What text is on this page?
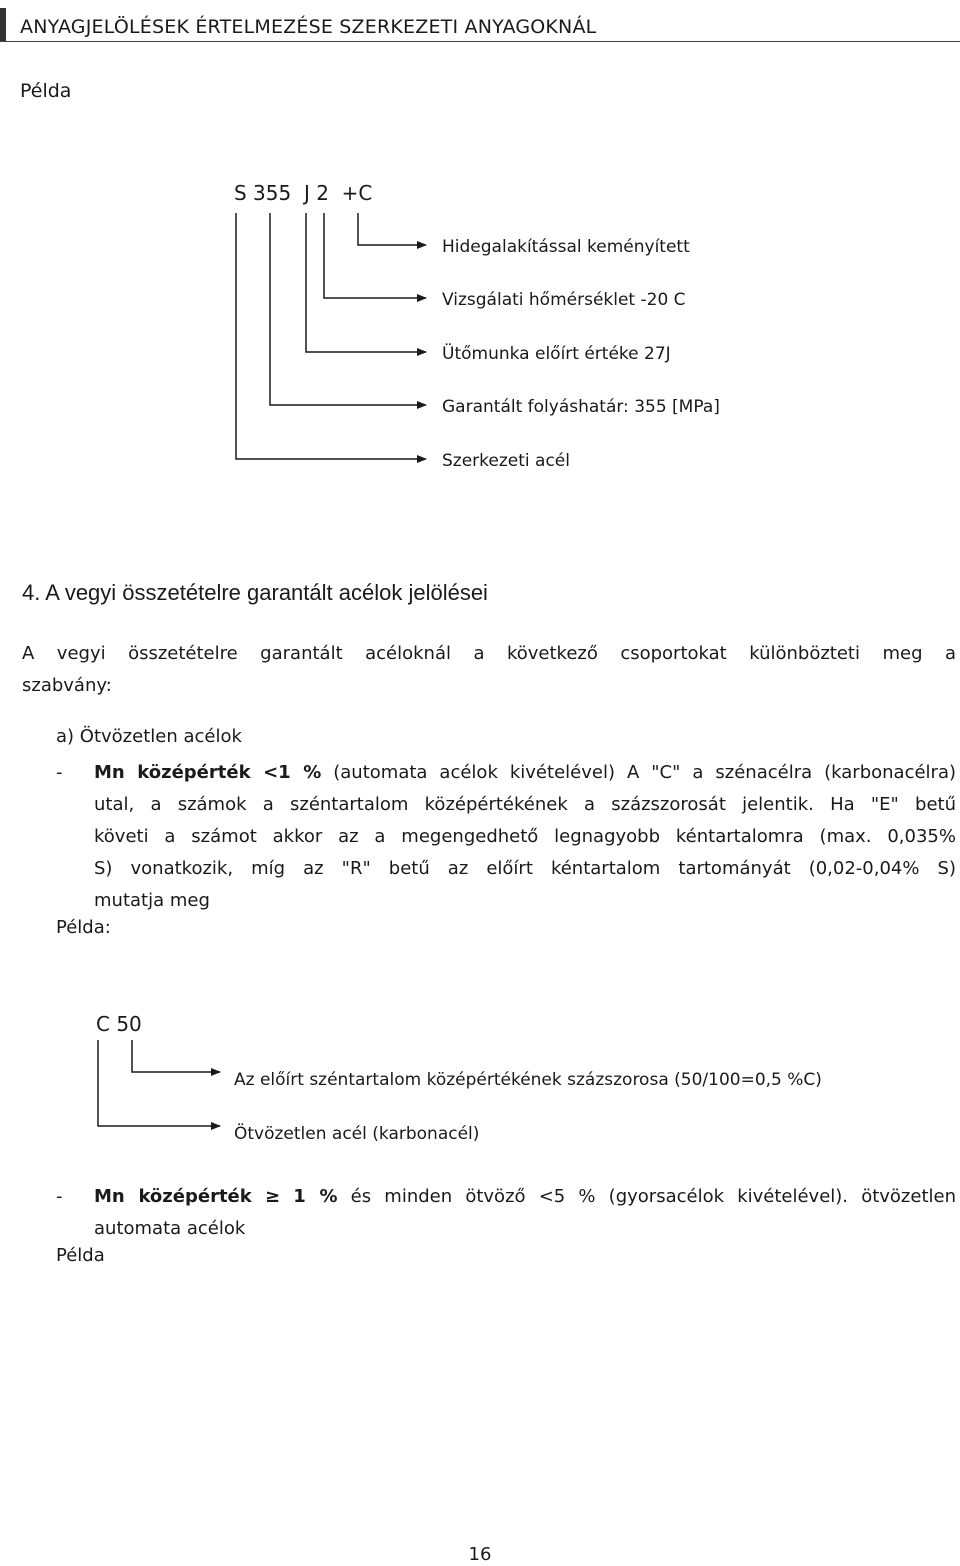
ANYAGJELÖLÉSEK ÉRTELMEZÉSE SZERKEZETI ANYAGOKNÁL
Példa
S 355  J 2  +C
Hidegalakítással keményített
Vizsgálati hőmérséklet -20 C
Ütőmunka előírt értéke 27J
Garantált folyáshatár: 355 [MPa]
Szerkezeti acél
4. A vegyi összetételre garantált acélok jelölései
A vegyi összetételre garantált acéloknál a következő csoportokat különbözteti meg a
szabvány:
a) Ötvözetlen acélok
- Mn középérték <1 % (automata acélok kivételével) A "C" a szénacélra (karbonacélra)
utal, a számok a széntartalom középértékének a százszorosát jelentik. Ha "E" betű
követi a számot akkor az a megengedhető legnagyobb kéntartalomra (max. 0,035%
S) vonatkozik, míg az "R" betű az előírt kéntartalom tartományát (0,02-0,04% S)
mutatja meg
Példa:
C 50
Az előírt széntartalom középértékének százszorosa (50/100=0,5 %C)
Ötvözetlen acél (karbonacél)
- Mn középérték ≥ 1 % és minden ötvöző <5 % (gyorsacélok kivételével). ötvözetlen
automata acélok
Példa
16
